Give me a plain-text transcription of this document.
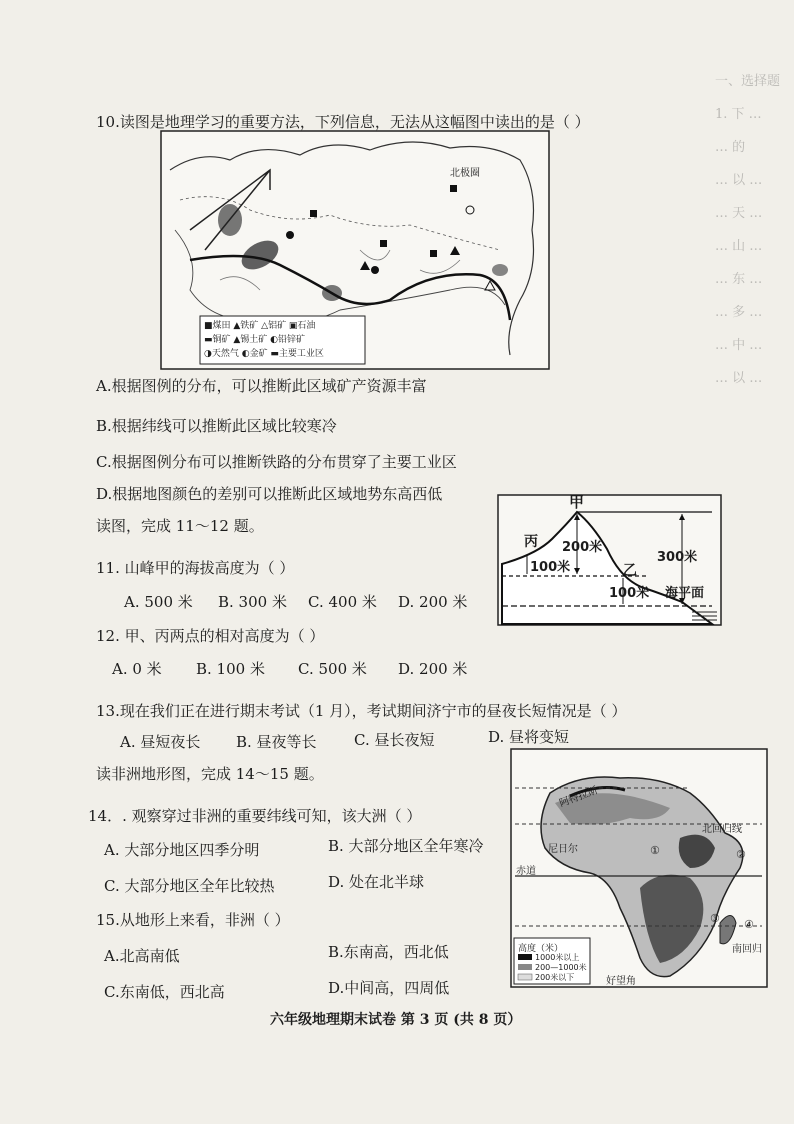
一、选择题
1. 下 …
… 的
… 以 …
… 天 …
… 山 …
… 东 …
… 多 …
… 中 …
… 以 …
10.读图是地理学习的重要方法，下列信息，无法从这幅图中读出的是（ ）
北极圈
■煤田 ▲铁矿 △铝矿 ▣石油
▬铜矿 ▲锡土矿 ◐铅锌矿
◑天然气 ◐金矿 ▬主要工业区
A.根据图例的分布，可以推断此区域矿产资源丰富
B.根据纬线可以推断此区域比较寒冷
C.根据图例分布可以推断铁路的分布贯穿了主要工业区
D.根据地图颜色的差别可以推断此区域地势东高西低
读图，完成 11～12 题。
甲
丙
乙
200米
100米
100米
300米
海平面
11. 山峰甲的海拔高度为（ ）
A. 500 米 B. 300 米 C. 400 米 D. 200 米
12. 甲、丙两点的相对高度为（ ）
A. 0 米 B. 100 米 C. 500 米 D. 200 米
13.现在我们正在进行期末考试（1 月），考试期间济宁市的昼夜长短情况是（ ）
A. 昼短夜长 B. 昼夜等长 C. 昼长夜短	D. 昼将变短
读非洲地形图，完成 14～15 题。
阿特拉斯
北回归线
尼日尔
赤道
南回归
好望角
①	②
③ ④
高度（米）
1000米以上
200—1000米
200米以下
14．. 观察穿过非洲的重要纬线可知，该大洲（ ）
A. 大部分地区四季分明	B. 大部分地区全年寒冷
C. 大部分地区全年比较热	D. 处在北半球
15.从地形上来看，非洲（ ）
A.北高南低	B.东南高，西北低
C.东南低，西北高	D.中间高，四周低
六年级地理期末试卷 第 3 页 (共 8 页）
